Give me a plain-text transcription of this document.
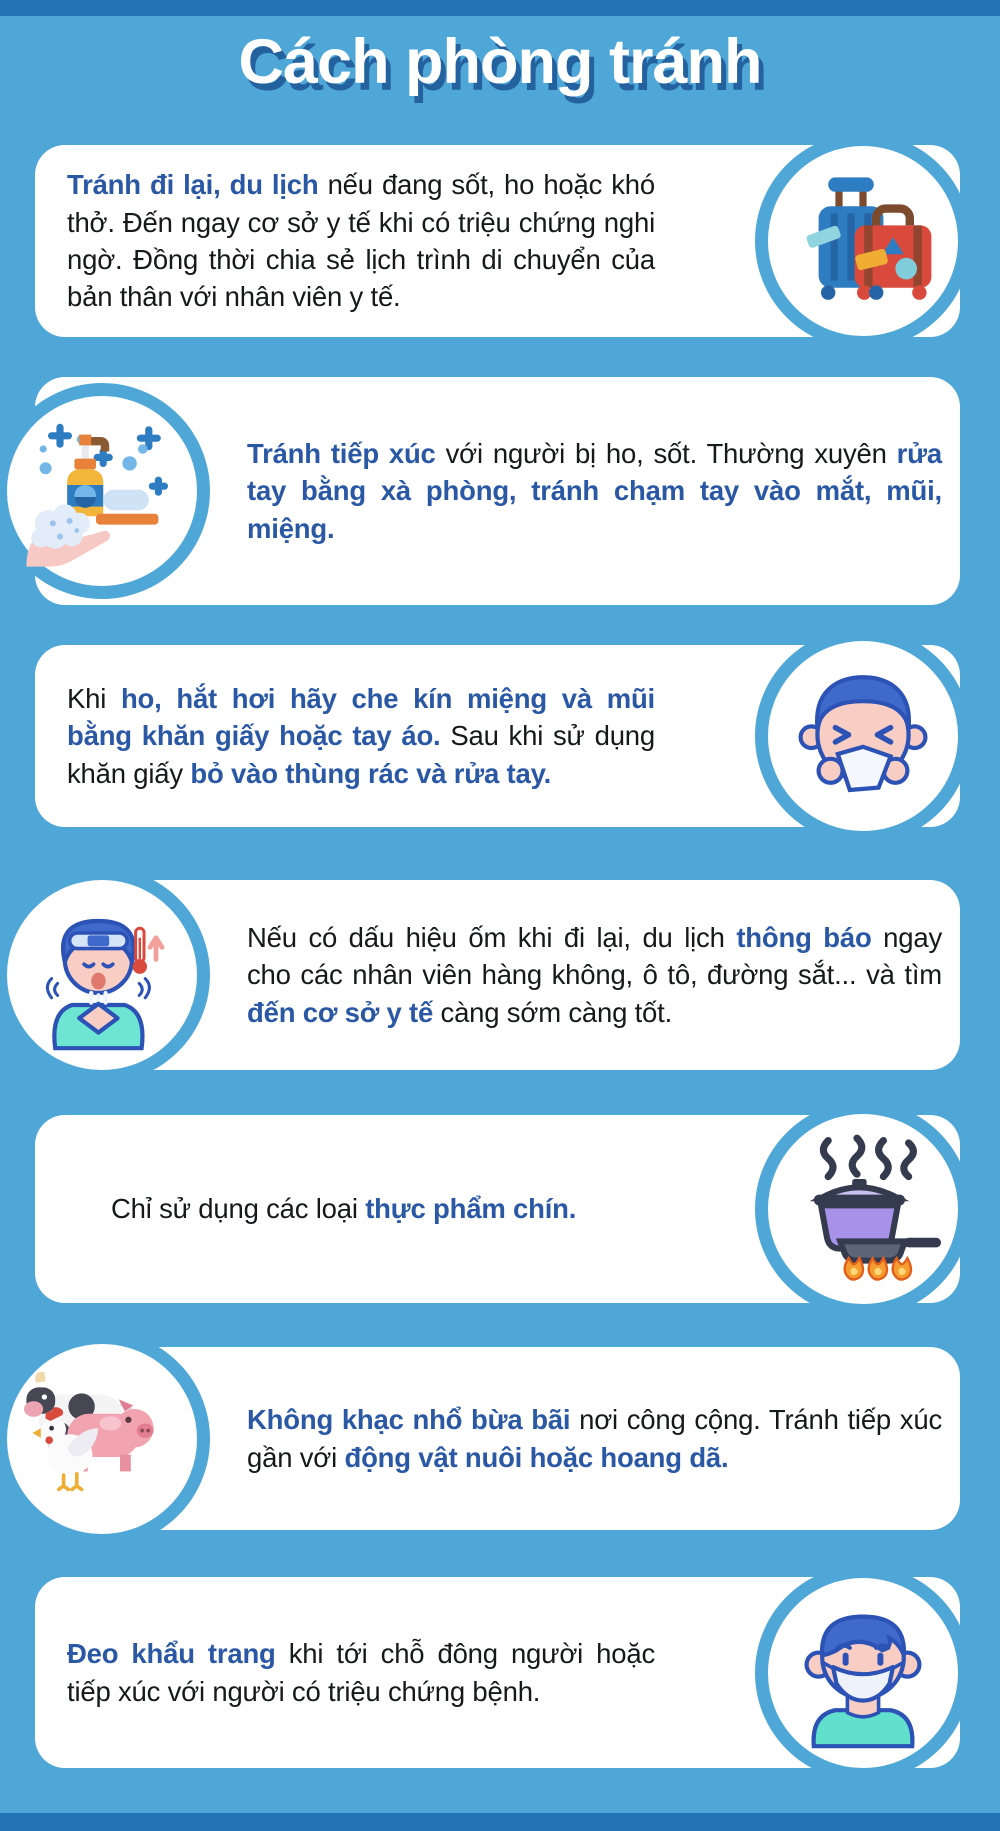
Cách phòng tránh

Tránh đi lại, du lịch nếu đang sốt, ho hoặc khó thở. Đến ngay cơ sở y tế khi có triệu chứng nghi ngờ. Đồng thời chia sẻ lịch trình di chuyển của bản thân với nhân viên y tế.

Tránh tiếp xúc với người bị ho, sốt. Thường xuyên rửa tay bằng xà phòng, tránh chạm tay vào mắt, mũi, miệng.

Khi ho, hắt hơi hãy che kín miệng và mũi bằng khăn giấy hoặc tay áo. Sau khi sử dụng khăn giấy bỏ vào thùng rác và rửa tay.

Nếu có dấu hiệu ốm khi đi lại, du lịch thông báo ngay cho các nhân viên hàng không, ô tô, đường sắt... và tìm đến cơ sở y tế càng sớm càng tốt.

Chỉ sử dụng các loại thực phẩm chín.

Không khạc nhổ bừa bãi nơi công cộng. Tránh tiếp xúc gần với động vật nuôi hoặc hoang dã.

Đeo khẩu trang khi tới chỗ đông người hoặc tiếp xúc với người có triệu chứng bệnh.
